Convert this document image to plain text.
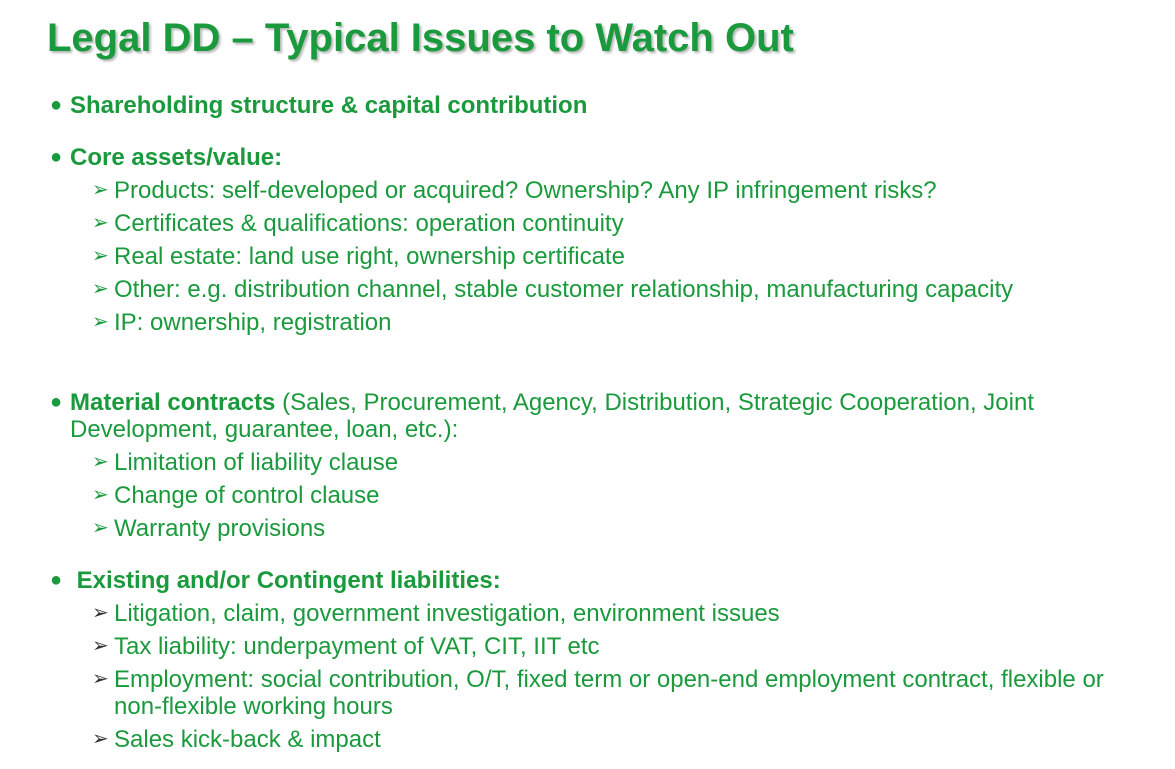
Legal DD – Typical Issues to Watch Out
● Shareholding structure & capital contribution
● Core assets/value:
➢ Products: self-developed or acquired? Ownership? Any IP infringement risks?
➢ Certificates & qualifications: operation continuity
➢ Real estate: land use right, ownership certificate
➢ Other: e.g. distribution channel, stable customer relationship, manufacturing capacity
➢ IP: ownership, registration
● Material contracts (Sales, Procurement, Agency, Distribution, Strategic Cooperation, Joint Development, guarantee, loan, etc.):
➢ Limitation of liability clause
➢ Change of control clause
➢ Warranty provisions
● Existing and/or Contingent liabilities:
➢ Litigation, claim, government investigation, environment issues
➢ Tax liability: underpayment of VAT, CIT, IIT etc
➢ Employment: social contribution, O/T, fixed term or open-end employment contract, flexible or non-flexible working hours
➢ Sales kick-back & impact
